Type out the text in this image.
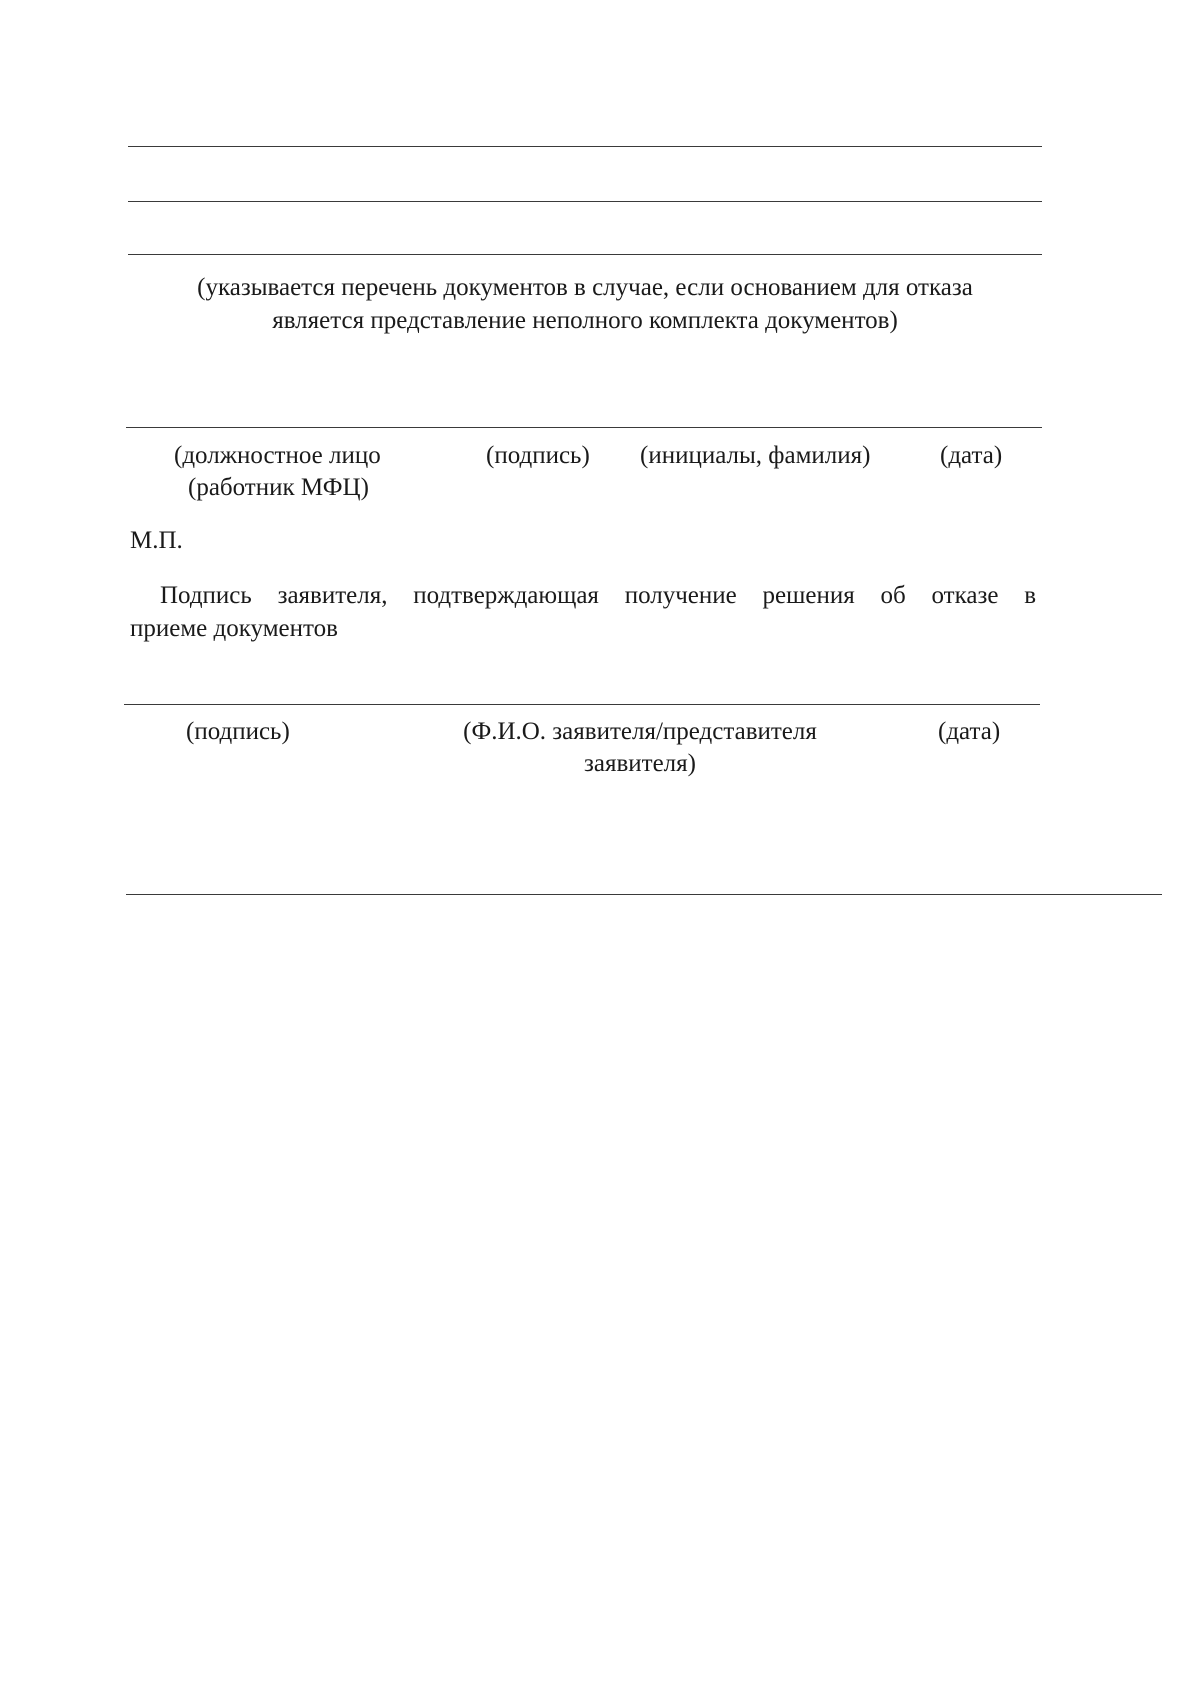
(указывается перечень документов в случае, если основанием для отказа
является представление неполного комплекта документов)
(должностное лицо
(работник МФЦ)
(подпись) (инициалы, фамилия)	(дата)
М.П.
Подпись заявителя, подтверждающая получение решения об отказе в
приеме документов
(подпись)	(Ф.И.О. заявителя/представителя
заявителя)
(дата)
